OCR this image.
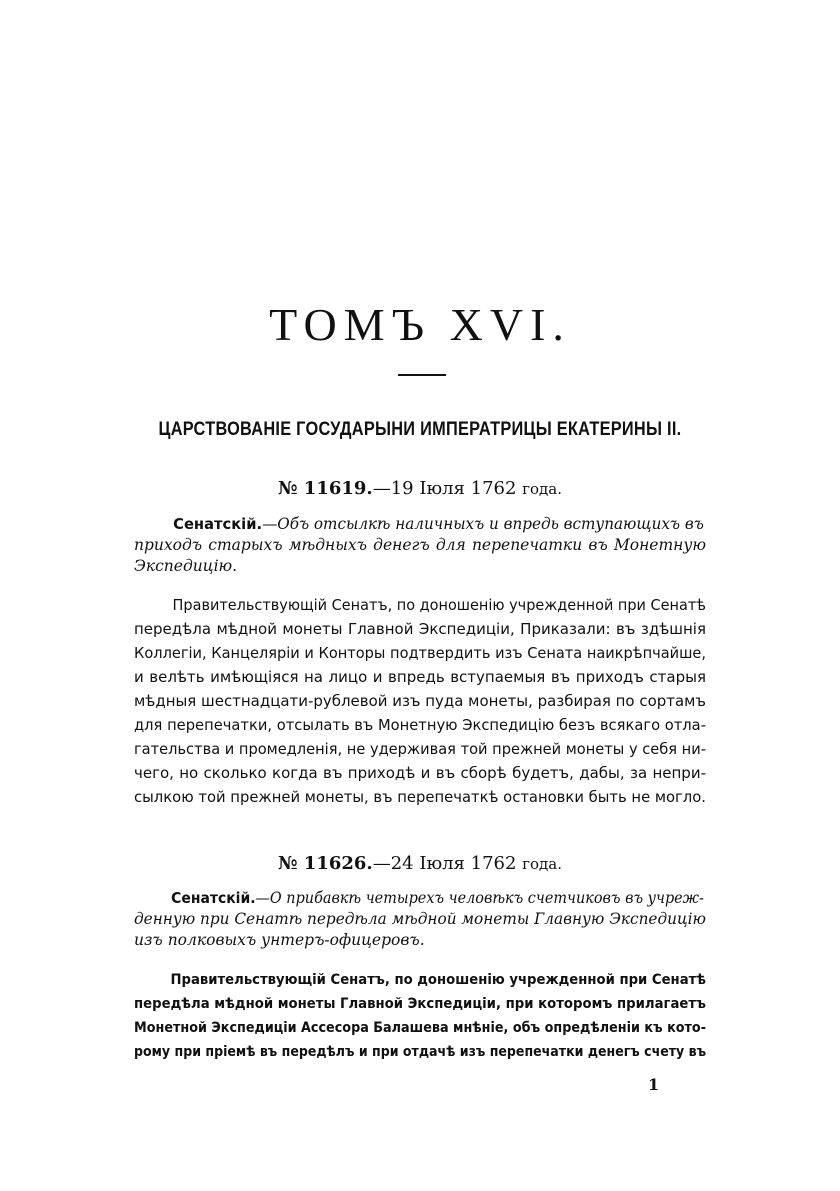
ТОМЪ XVI.
ЦАРСТВОВАНІЕ ГОСУДАРЫНИ ИМПЕРАТРИЦЫ ЕКАТЕРИНЫ II.

№ 11619.—19 Іюля 1762 года.

Сенатскій.—Объ отсылкѣ наличныхъ и впредь вступающихъ въ
приходъ старыхъ мѣдныхъ денегъ для перепечатки въ Монетную
Экспедицію.
Правительствующій Сенатъ, по доношенію учрежденной при Сенатѣ
передѣла мѣдной монеты Главной Экспедиціи, Приказали: въ здѣшнія
Коллегіи, Канцеляріи и Конторы подтвердить изъ Сената наикрѣпчайше,
и велѣть имѣющіяся на лицо и впредь вступаемыя въ приходъ старыя
мѣдныя шестнадцати-рублевой изъ пуда монеты, разбирая по сортамъ
для перепечатки, отсылать въ Монетную Экспедицію безъ всякаго отла-
гательства и промедленія, не удерживая той прежней монеты у себя ни-
чего, но сколько когда въ приходѣ и въ сборѣ будетъ, дабы, за непри-
сылкою той прежней монеты, въ перепечаткѣ остановки быть не могло.

№ 11626.—24 Іюля 1762 года.

Сенатскій.—О прибавкѣ четырехъ человѣкъ счетчиковъ въ учреж-
денную при Сенатѣ передѣла мѣдной монеты Главную Экспедицію
изъ полковыхъ унтеръ-офицеровъ.
Правительствующій Сенатъ, по доношенію учрежденной при Сенатѣ
передѣла мѣдной монеты Главной Экспедиціи, при которомъ прилагаетъ
Монетной Экспедиціи Ассесора Балашева мнѣніе, объ опредѣленіи къ кото-
рому при пріемѣ въ передѣлъ и при отдачѣ изъ перепечатки денегъ счету въ
1
